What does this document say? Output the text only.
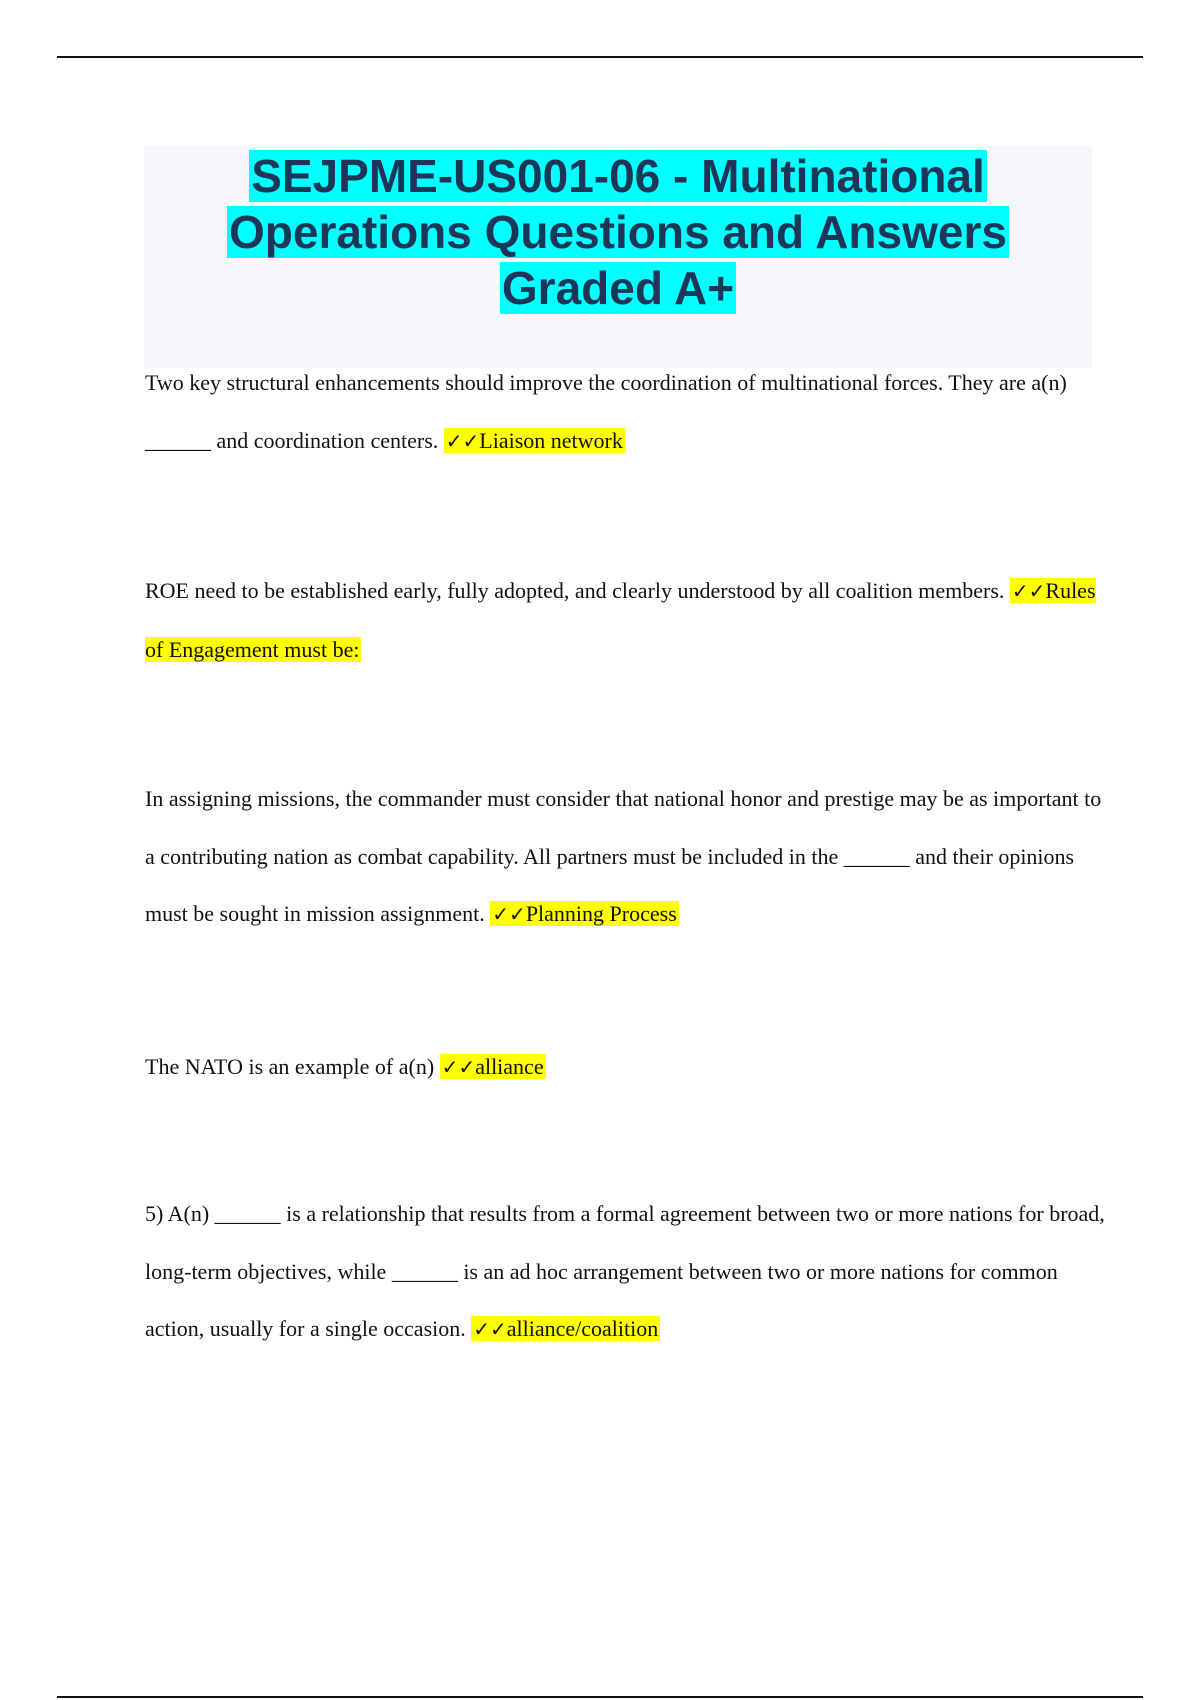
SEJPME-US001-06 - Multinational Operations Questions and Answers Graded A+

Two key structural enhancements should improve the coordination of multinational forces. They are a(n) ______ and coordination centers. ✓✓Liaison network

ROE need to be established early, fully adopted, and clearly understood by all coalition members. ✓✓Rules of Engagement must be:

In assigning missions, the commander must consider that national honor and prestige may be as important to a contributing nation as combat capability. All partners must be included in the ______ and their opinions must be sought in mission assignment. ✓✓Planning Process

The NATO is an example of a(n) ✓✓alliance

5) A(n) ______ is a relationship that results from a formal agreement between two or more nations for broad, long-term objectives, while ______ is an ad hoc arrangement between two or more nations for common action, usually for a single occasion. ✓✓alliance/coalition
